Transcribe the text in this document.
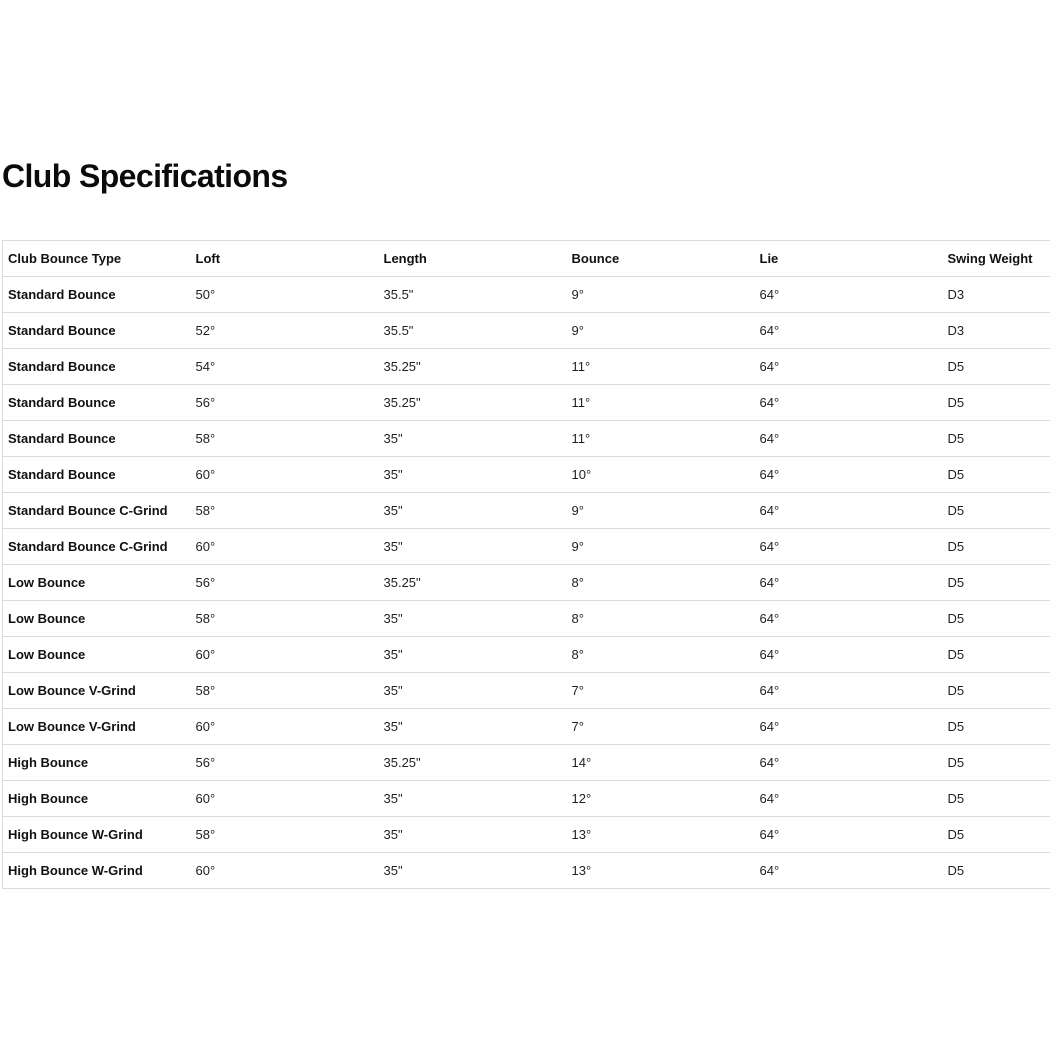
Club Specifications
Club Bounce Type	Loft	Length	Bounce	Lie	Swing Weight
Standard Bounce	50°	35.5"	9°	64°	D3
Standard Bounce	52°	35.5"	9°	64°	D3
Standard Bounce	54°	35.25"	11°	64°	D5
Standard Bounce	56°	35.25"	11°	64°	D5
Standard Bounce	58°	35"	11°	64°	D5
Standard Bounce	60°	35"	10°	64°	D5
Standard Bounce C-Grind	58°	35"	9°	64°	D5
Standard Bounce C-Grind	60°	35"	9°	64°	D5
Low Bounce	56°	35.25"	8°	64°	D5
Low Bounce	58°	35"	8°	64°	D5
Low Bounce	60°	35"	8°	64°	D5
Low Bounce V-Grind	58°	35"	7°	64°	D5
Low Bounce V-Grind	60°	35"	7°	64°	D5
High Bounce	56°	35.25"	14°	64°	D5
High Bounce	60°	35"	12°	64°	D5
High Bounce W-Grind	58°	35"	13°	64°	D5
High Bounce W-Grind	60°	35"	13°	64°	D5
